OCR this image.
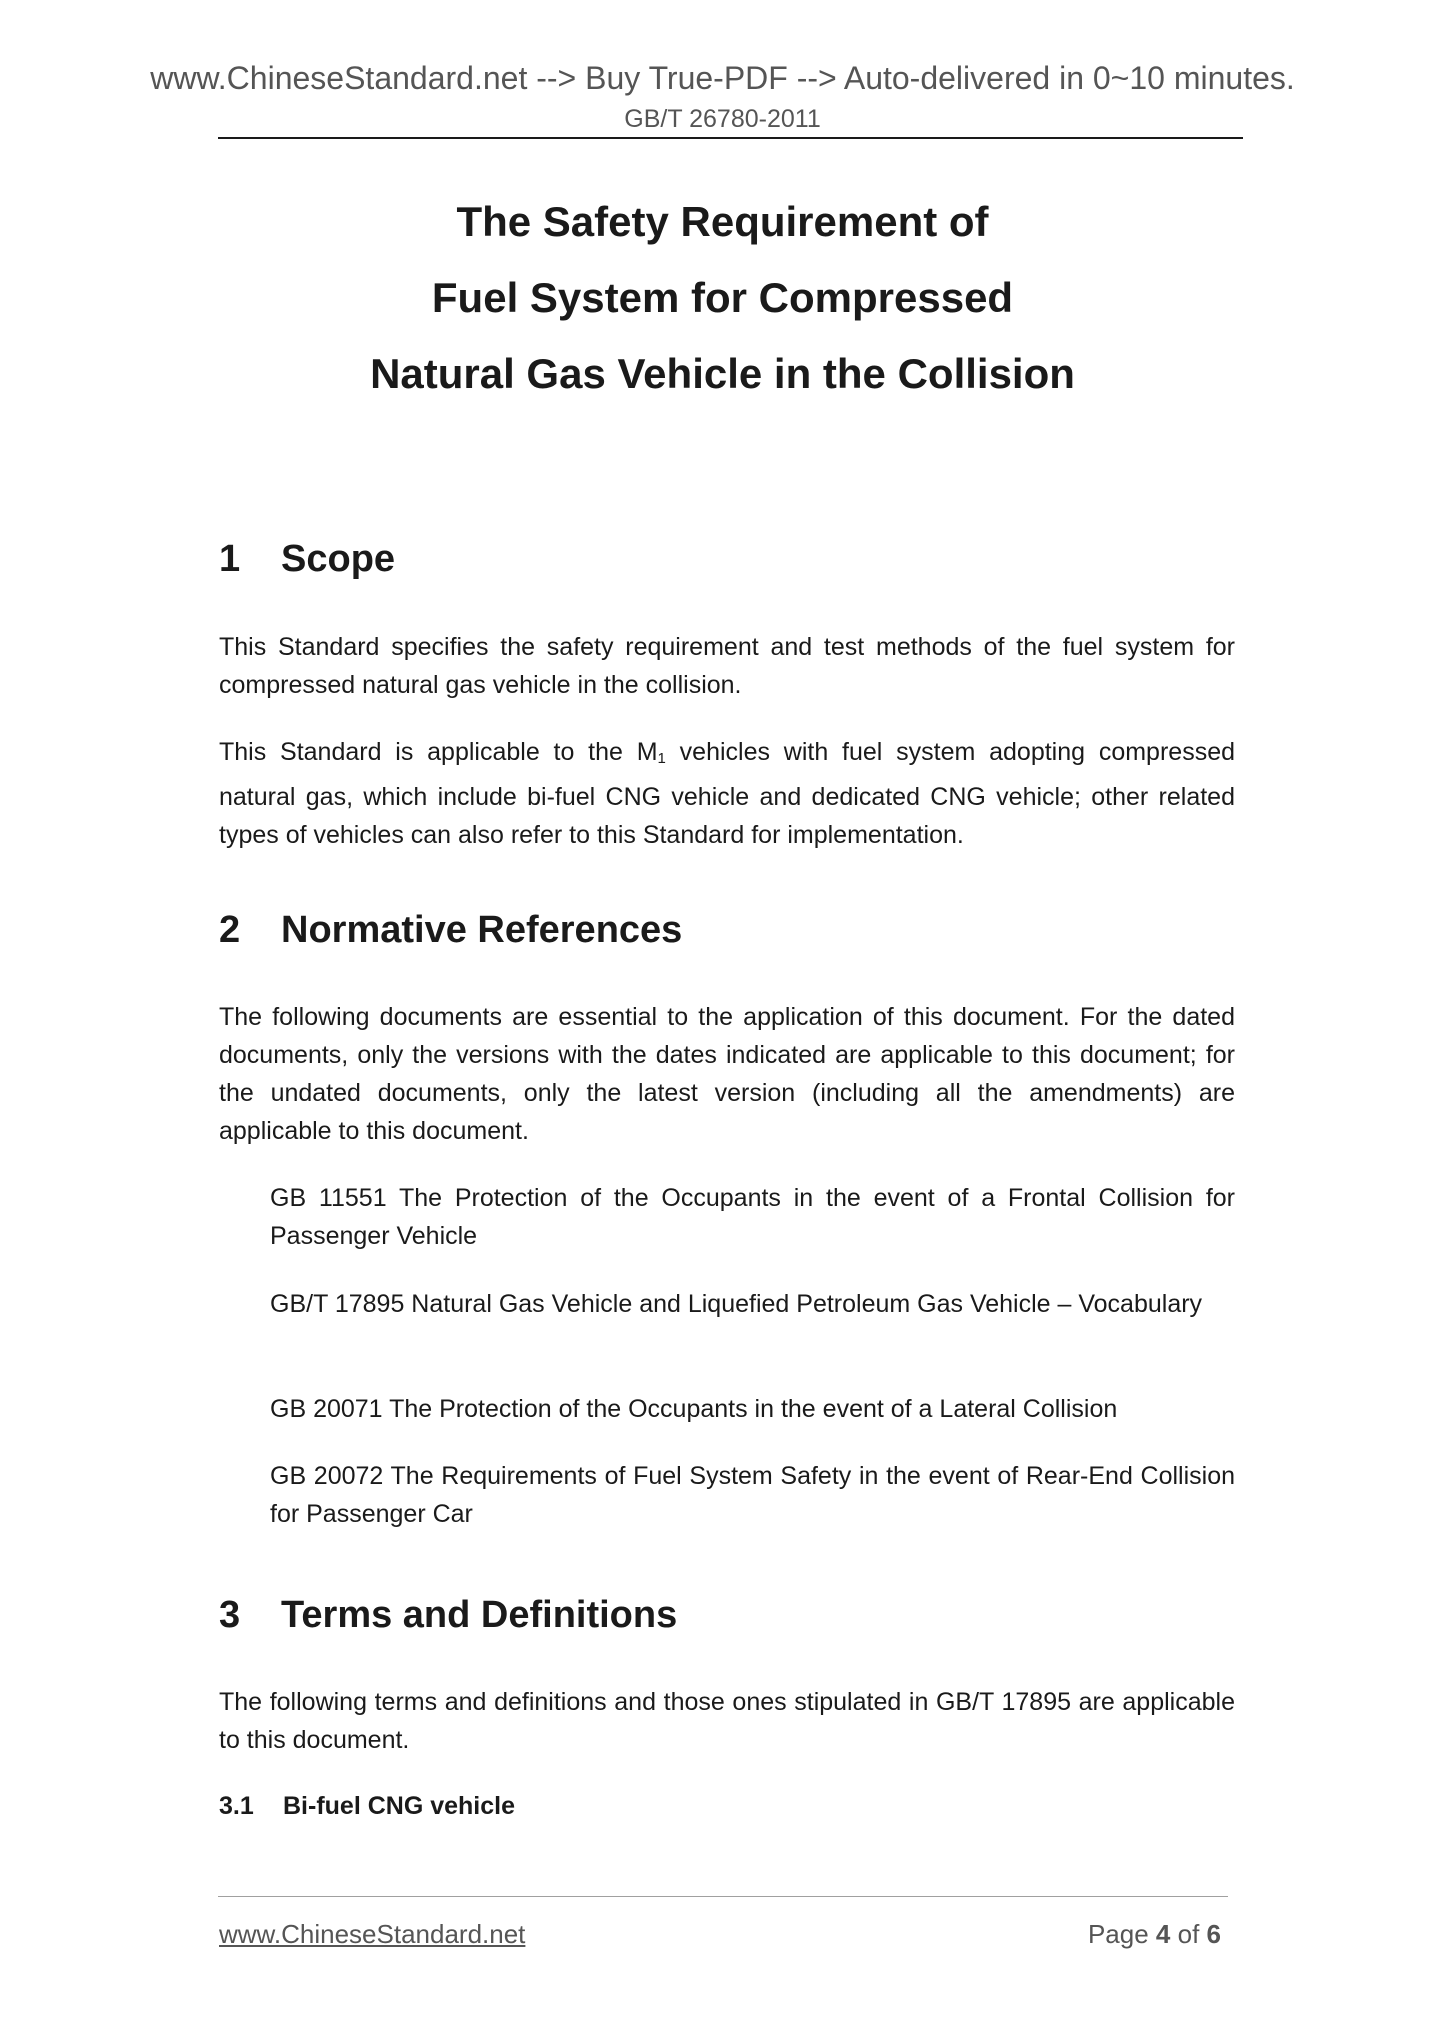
www.ChineseStandard.net --> Buy True-PDF --> Auto-delivered in 0~10 minutes.
GB/T 26780-2011
The Safety Requirement of
Fuel System for Compressed
Natural Gas Vehicle in the Collision
1 Scope
This Standard specifies the safety requirement and test methods of the fuel system for compressed natural gas vehicle in the collision.
This Standard is applicable to the $M_1$ vehicles with fuel system adopting compressed natural gas, which include bi-fuel CNG vehicle and dedicated CNG vehicle; other related types of vehicles can also refer to this Standard for implementation.
2 Normative References
The following documents are essential to the application of this document. For the dated documents, only the versions with the dates indicated are applicable to this document; for the undated documents, only the latest version (including all the amendments) are applicable to this document.
GB 11551 The Protection of the Occupants in the event of a Frontal Collision for Passenger Vehicle
GB/T 17895 Natural Gas Vehicle and Liquefied Petroleum Gas Vehicle – Vocabulary
GB 20071 The Protection of the Occupants in the event of a Lateral Collision
GB 20072 The Requirements of Fuel System Safety in the event of Rear-End Collision for Passenger Car
3 Terms and Definitions
The following terms and definitions and those ones stipulated in GB/T 17895 are applicable to this document.
3.1 Bi-fuel CNG vehicle
www.ChineseStandard.net	Page 4 of 6
